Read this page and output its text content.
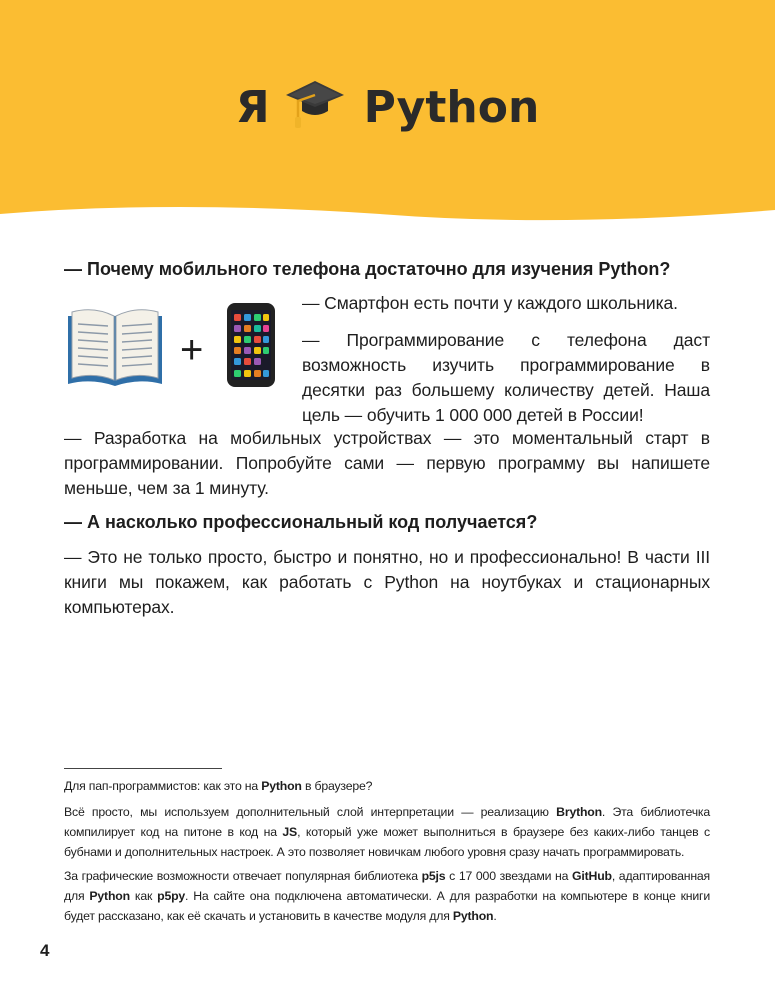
Я Python
— Почему мобильного телефона достаточно для изучения Python?
+

— Смартфон есть почти у каждого школьника.

— Программирование с телефона даст возможность изучить программирование в десятки раз большему количеству детей. Наша цель — обучить 1 000 000 детей в России!

— Разработка на мобильных устройствах — это моментальный старт в программировании. Попробуйте сами — первую программу вы напишете меньше, чем за 1 минуту.
— А насколько профессиональный код получается?
— Это не только просто, быстро и понятно, но и профессионально! В части III книги мы покажем, как работать с Python на ноутбуках и стационарных компьютерах.
Для пап-программистов: как это на Python в браузере?
Всё просто, мы используем дополнительный слой интерпретации — реализацию Brython. Эта библиотечка компилирует код на питоне в код на JS, который уже может выполниться в браузере без каких-либо танцев с бубнами и дополнительных настроек. А это позволяет новичкам любого уровня сразу начать программировать.
За графические возможности отвечает популярная библиотека p5js с 17 000 звездами на GitHub, адаптированная для Python как p5py. На сайте она подключена автоматически. А для разработки на компьютере в конце книги будет рассказано, как её скачать и установить в качестве модуля для Python.
4
